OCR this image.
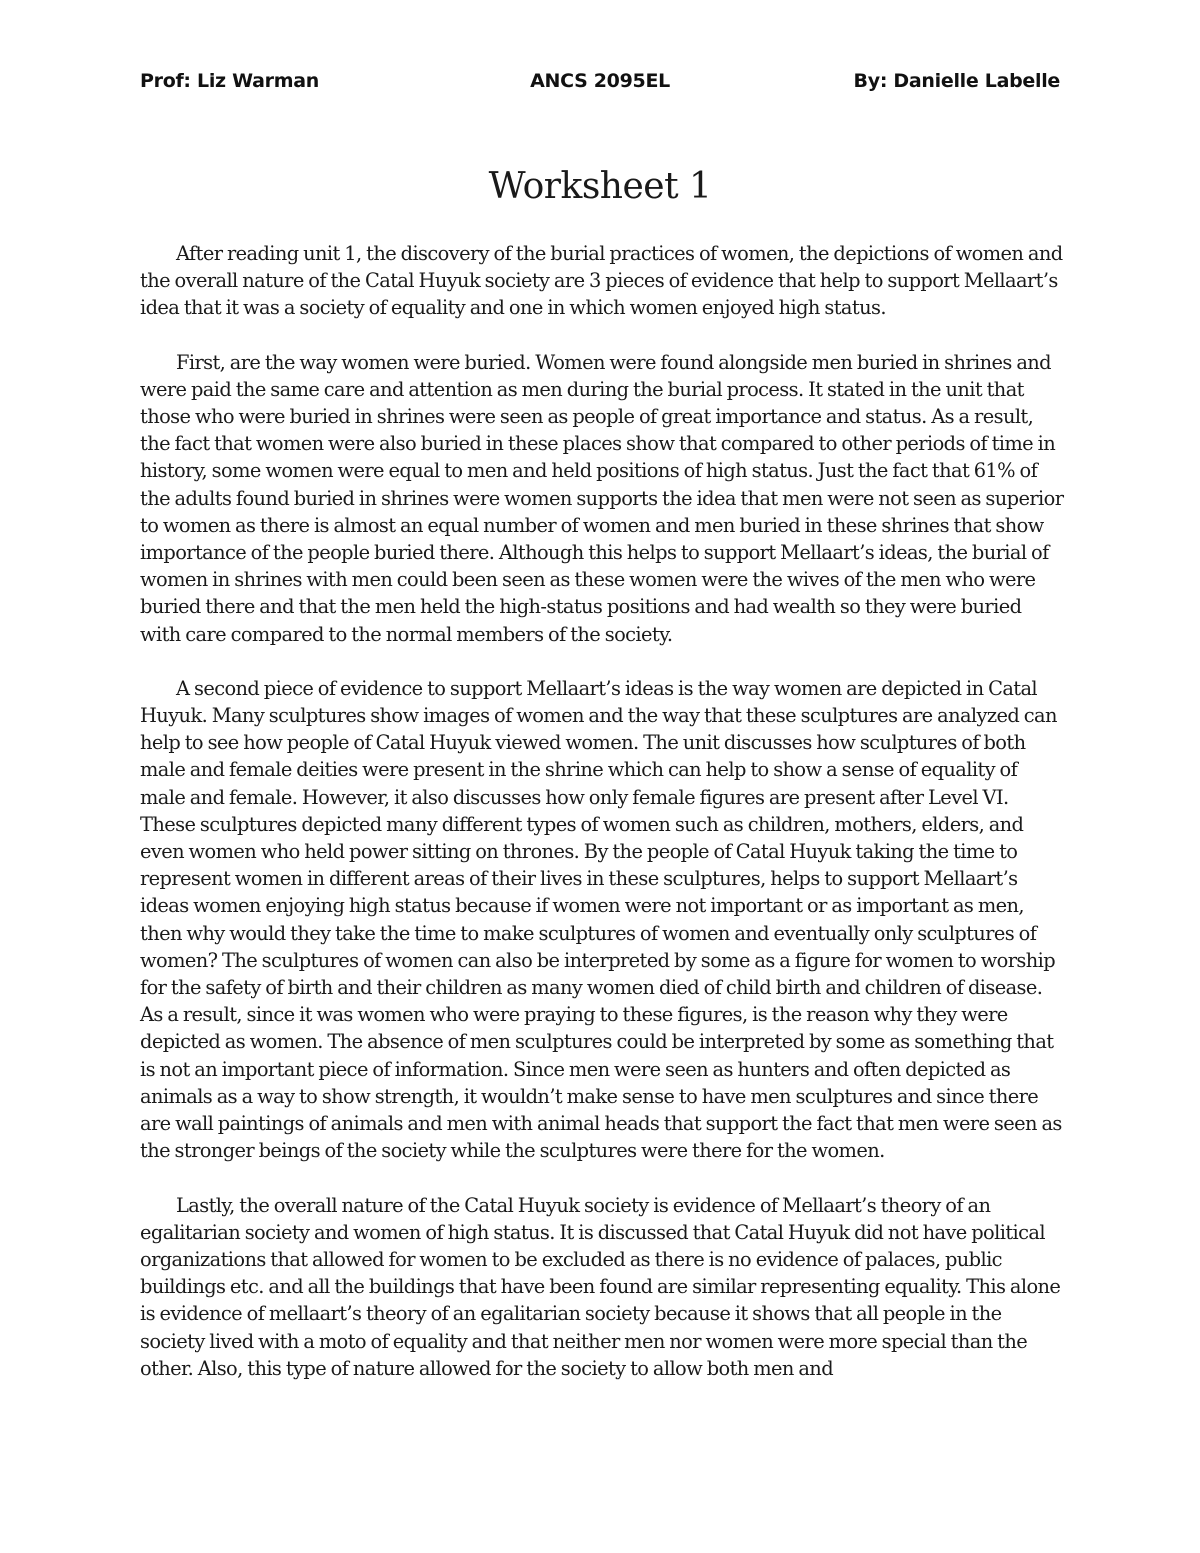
Prof: Liz Warman	ANCS 2095EL	By: Danielle Labelle
Worksheet 1

After reading unit 1, the discovery of the burial practices of women, the depictions of women and the overall nature of the Catal Huyuk society are 3 pieces of evidence that help to support Mellaart’s idea that it was a society of equality and one in which women enjoyed high status.

First, are the way women were buried. Women were found alongside men buried in shrines and were paid the same care and attention as men during the burial process. It stated in the unit that those who were buried in shrines were seen as people of great importance and status. As a result, the fact that women were also buried in these places show that compared to other periods of time in history, some women were equal to men and held positions of high status. Just the fact that 61% of the adults found buried in shrines were women supports the idea that men were not seen as superior to women as there is almost an equal number of women and men buried in these shrines that show importance of the people buried there. Although this helps to support Mellaart’s ideas, the burial of women in shrines with men could been seen as these women were the wives of the men who were buried there and that the men held the high-status positions and had wealth so they were buried with care compared to the normal members of the society.

A second piece of evidence to support Mellaart’s ideas is the way women are depicted in Catal Huyuk. Many sculptures show images of women and the way that these sculptures are analyzed can help to see how people of Catal Huyuk viewed women. The unit discusses how sculptures of both male and female deities were present in the shrine which can help to show a sense of equality of male and female. However, it also discusses how only female figures are present after Level VI. These sculptures depicted many different types of women such as children, mothers, elders, and even women who held power sitting on thrones. By the people of Catal Huyuk taking the time to represent women in different areas of their lives in these sculptures, helps to support Mellaart’s ideas women enjoying high status because if women were not important or as important as men, then why would they take the time to make sculptures of women and eventually only sculptures of women? The sculptures of women can also be interpreted by some as a figure for women to worship for the safety of birth and their children as many women died of child birth and children of disease. As a result, since it was women who were praying to these figures, is the reason why they were depicted as women. The absence of men sculptures could be interpreted by some as something that is not an important piece of information. Since men were seen as hunters and often depicted as animals as a way to show strength, it wouldn’t make sense to have men sculptures and since there are wall paintings of animals and men with animal heads that support the fact that men were seen as the stronger beings of the society while the sculptures were there for the women.

Lastly, the overall nature of the Catal Huyuk society is evidence of Mellaart’s theory of an egalitarian society and women of high status. It is discussed that Catal Huyuk did not have political organizations that allowed for women to be excluded as there is no evidence of palaces, public buildings etc. and all the buildings that have been found are similar representing equality. This alone is evidence of mellaart’s theory of an egalitarian society because it shows that all people in the society lived with a moto of equality and that neither men nor women were more special than the other. Also, this type of nature allowed for the society to allow both men and
